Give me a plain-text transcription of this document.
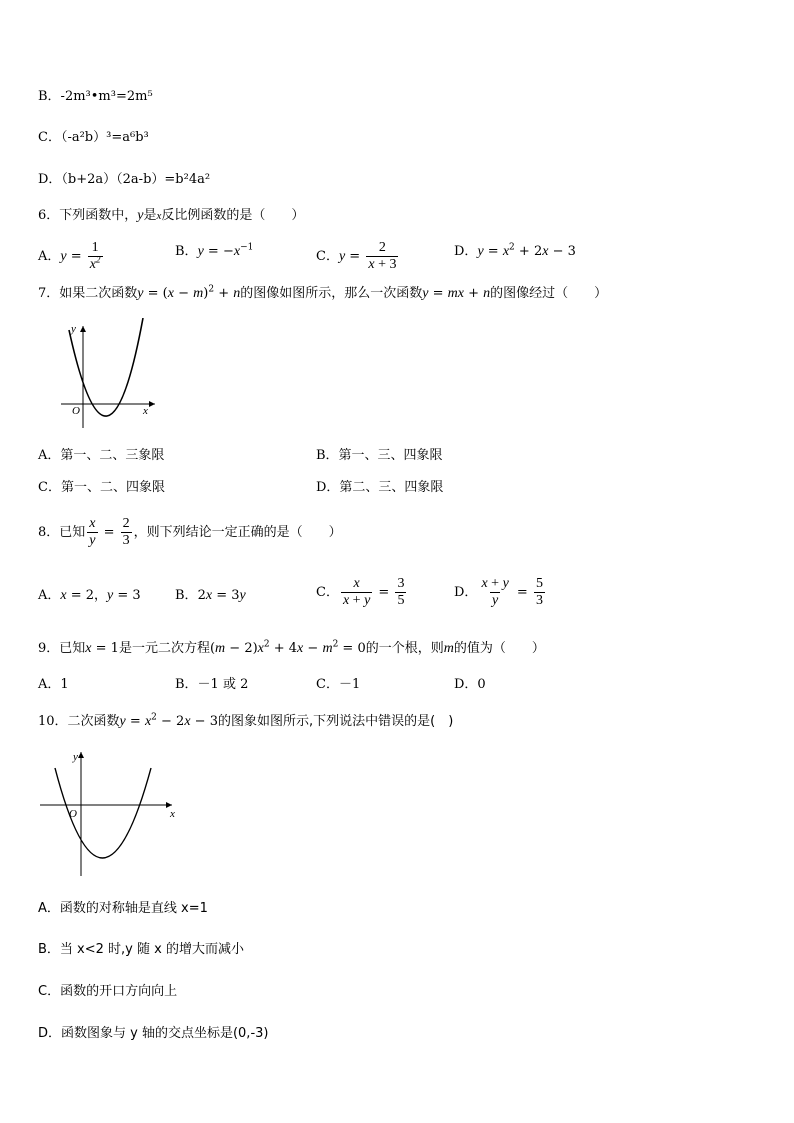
B．-2m³•m³=2m⁵
C．（-a²b）³=a⁶b³
D．（b+2a）（2a-b）=b²4a²
6．下列函数中，y是x反比例函数的是（　　）
A．$y = \frac{1}{x^2}$	B．$y = -x^{-1}$
C．$y = \frac{2}{x + 3}$	D．$y = x^2 + 2x - 3$
7．如果二次函数$y = (x - m)^2 + n$的图像如图所示，那么一次函数y = mx + n的图像经过（　　）
y
O	x
A．第一、二、三象限	B．第一、三、四象限
C．第一、二、四象限	D．第二、三、四象限
8．已知 $\frac{x}{y} = \frac{2}{3}$ ，则下列结论一定正确的是（　　）
A．x = 2，y = 3	B．2x = 3y	C． $\frac{x}{x + y} = \frac{3}{5}$	D． $\frac{x + y}{y} = \frac{5}{3}$
9．已知x = 1是一元二次方程$(m - 2)x^2 + 4x - m^2 = 0$的一个根，则m的值为（　　）
A．1	B．－1 或 2	C．－1	D．0
10．二次函数$y = x^2 - 2x - 3$的图象如图所示,下列说法中错误的是(　)
y
O	x
A．函数的对称轴是直线 x=1
B．当 x<2 时,y 随 x 的增大而减小
C．函数的开口方向向上
D．函数图象与 y 轴的交点坐标是(0,-3)
